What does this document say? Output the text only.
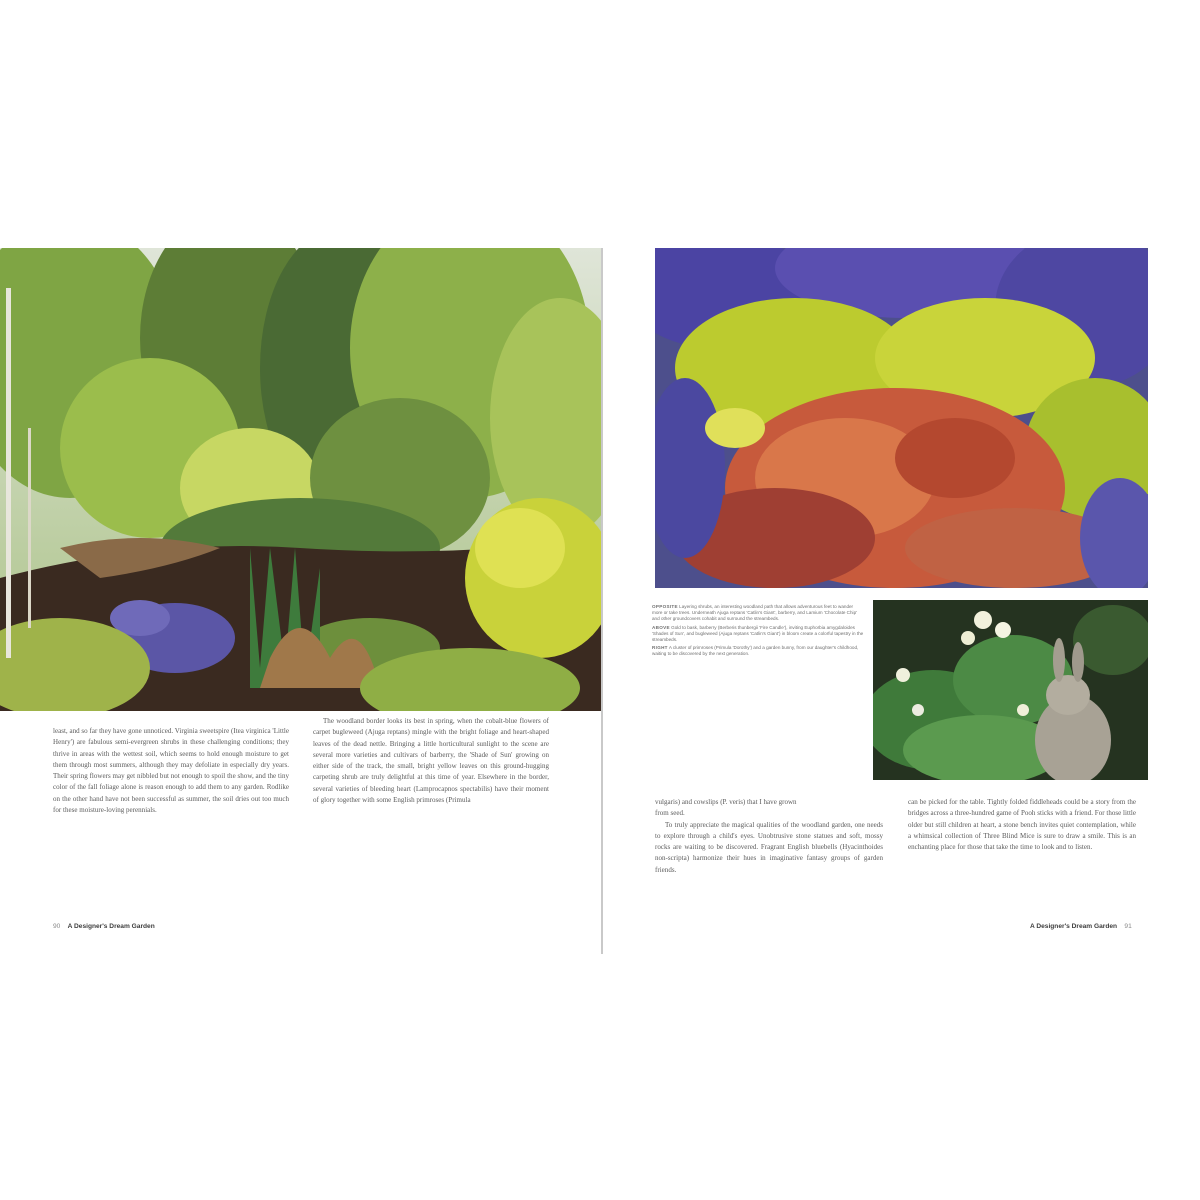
least, and so far they have gone unnoticed. Virginia sweetspire (Itea virginica 'Little Henry') are fabulous semi-evergreen shrubs in these challenging conditions; they thrive in areas with the wettest soil, which seems to hold enough moisture to get them through most summers, although they may defoliate in especially dry years. Their spring flowers may get nibbled but not enough to spoil the show, and the tiny color of the fall foliage alone is reason enough to add them to any garden. Rodlike on the other hand have not been successful as summer, the soil dries out too much for these moisture-loving perennials.

The woodland border looks its best in spring, when the cobalt-blue flowers of carpet bugleweed (Ajuga reptans) mingle with the bright foliage and heart-shaped leaves of the dead nettle. Bringing a little horticultural sunlight to the scene are several more varieties and cultivars of barberry, the 'Shade of Sun' growing on either side of the track, the small, bright yellow leaves on this ground-hugging carpeting shrub are truly delightful at this time of year. Elsewhere in the border, several varieties of bleeding heart (Lamprocapnos spectabilis) have their moment of glory together with some English primroses (Primula

90 A Designer's Dream Garden

OPPOSITE Layering shrubs, an interesting woodland path that allows adventurous feet to wander more or take trees. Underneath Ajuga reptans 'Catlin's Giant', barberry, and Lamium 'Chocolate Chip' and other groundcovers cohabit and surround the streambeds.

ABOVE Gold to bask, barberry (Berberis thunbergii 'Fire Candle'), inviting Euphorbia amygdaloides 'Shades of Sun', and bugleweed (Ajuga reptans 'Catlin's Giant') in bloom create a colorful tapestry in the streambeds.

RIGHT A cluster of primroses (Primula 'Dorothy') and a garden bunny, from our daughter's childhood, waiting to be discovered by the next generation.

vulgaris) and cowslips (P. veris) that I have grown

from seed.

To truly appreciate the magical qualities of the woodland garden, one needs to explore through a child's eyes. Unobtrusive stone statues and soft, mossy rocks are waiting to be discovered. Fragrant English bluebells (Hyacinthoides non-scripta) harmonize their hues in imaginative fantasy groups of garden friends.

can be picked for the table. Tightly folded fiddleheads could be a story from the bridges across a three-hundred game of Pooh sticks with a friend. For those little older but still children at heart, a stone bench invites quiet contemplation, while a whimsical collection of Three Blind Mice is sure to draw a smile. This is an enchanting place for those that take the time to look and to listen.

A Designer's Dream Garden 91
